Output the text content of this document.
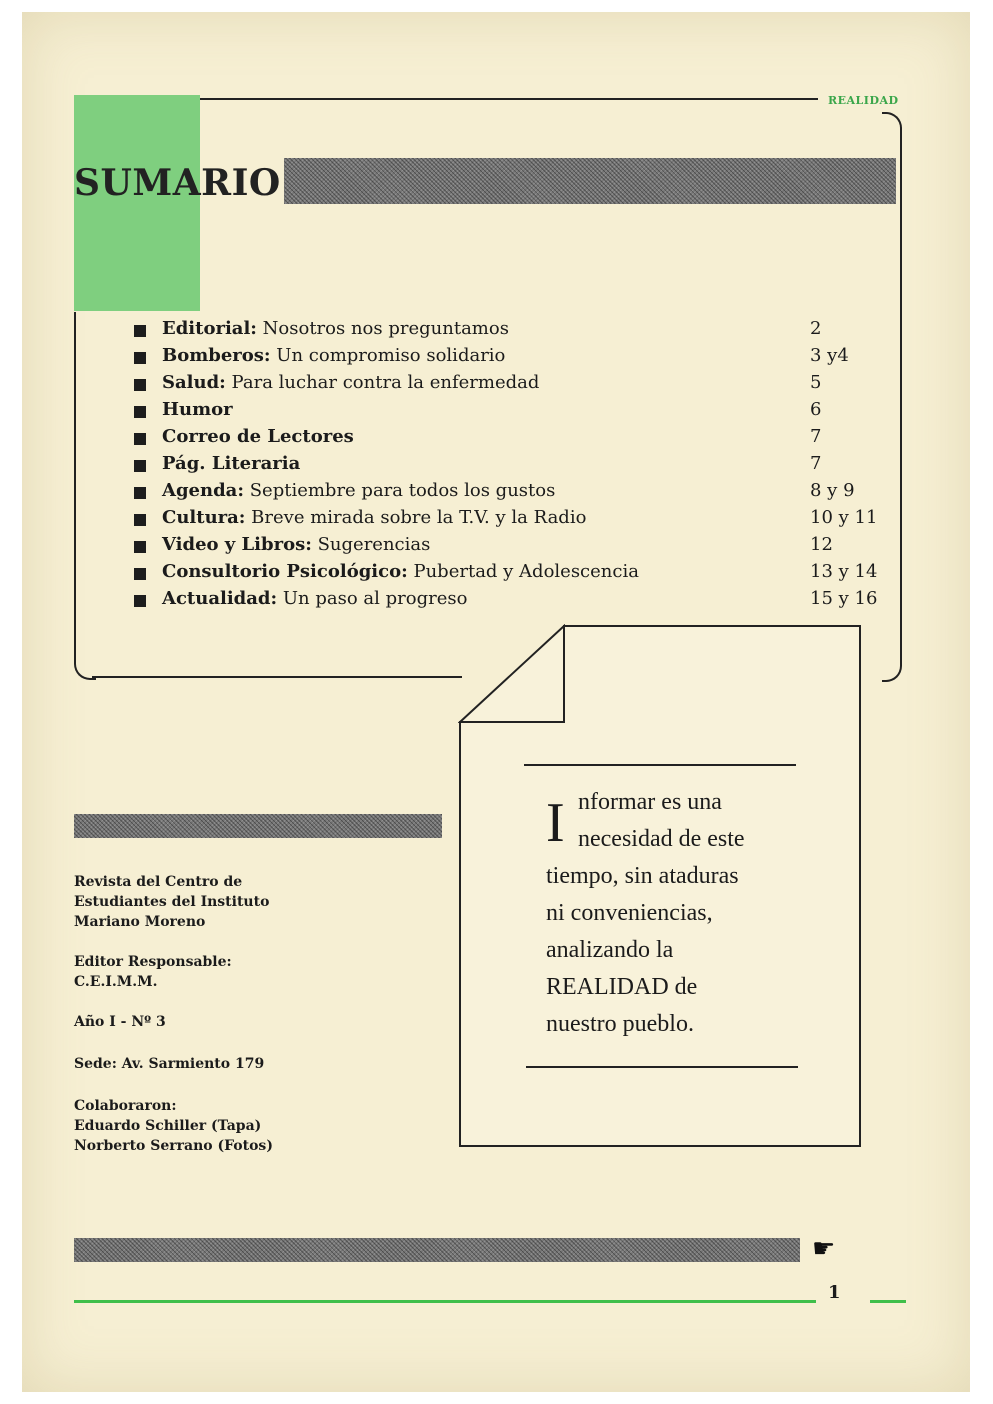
REALIDAD
SUMARIO
Editorial: Nosotros nos preguntamos	2
Bomberos: Un compromiso solidario	3 y4
Salud: Para luchar contra la enfermedad	5
Humor	6
Correo de Lectores	7
Pág. Literaria	7
Agenda: Septiembre para todos los gustos	8 y 9
Cultura: Breve mirada sobre la T.V. y la Radio	10 y 11
Video y Libros: Sugerencias	12
Consultorio Psicológico: Pubertad y Adolescencia	13 y 14
Actualidad: Un paso al progreso	15 y 16

Revista del Centro de

Estudiantes del Instituto

Mariano Moreno

Editor Responsable:

C.E.I.M.M.

Año I - Nº 3

Sede: Av. Sarmiento 179

Colaboraron:

Eduardo Schiller (Tapa)

Norberto Serrano (Fotos)

I nformar es una
necesidad de este
tiempo, sin ataduras
ni conveniencias,
analizando la
REALIDAD de
nuestro pueblo.
☛
1
